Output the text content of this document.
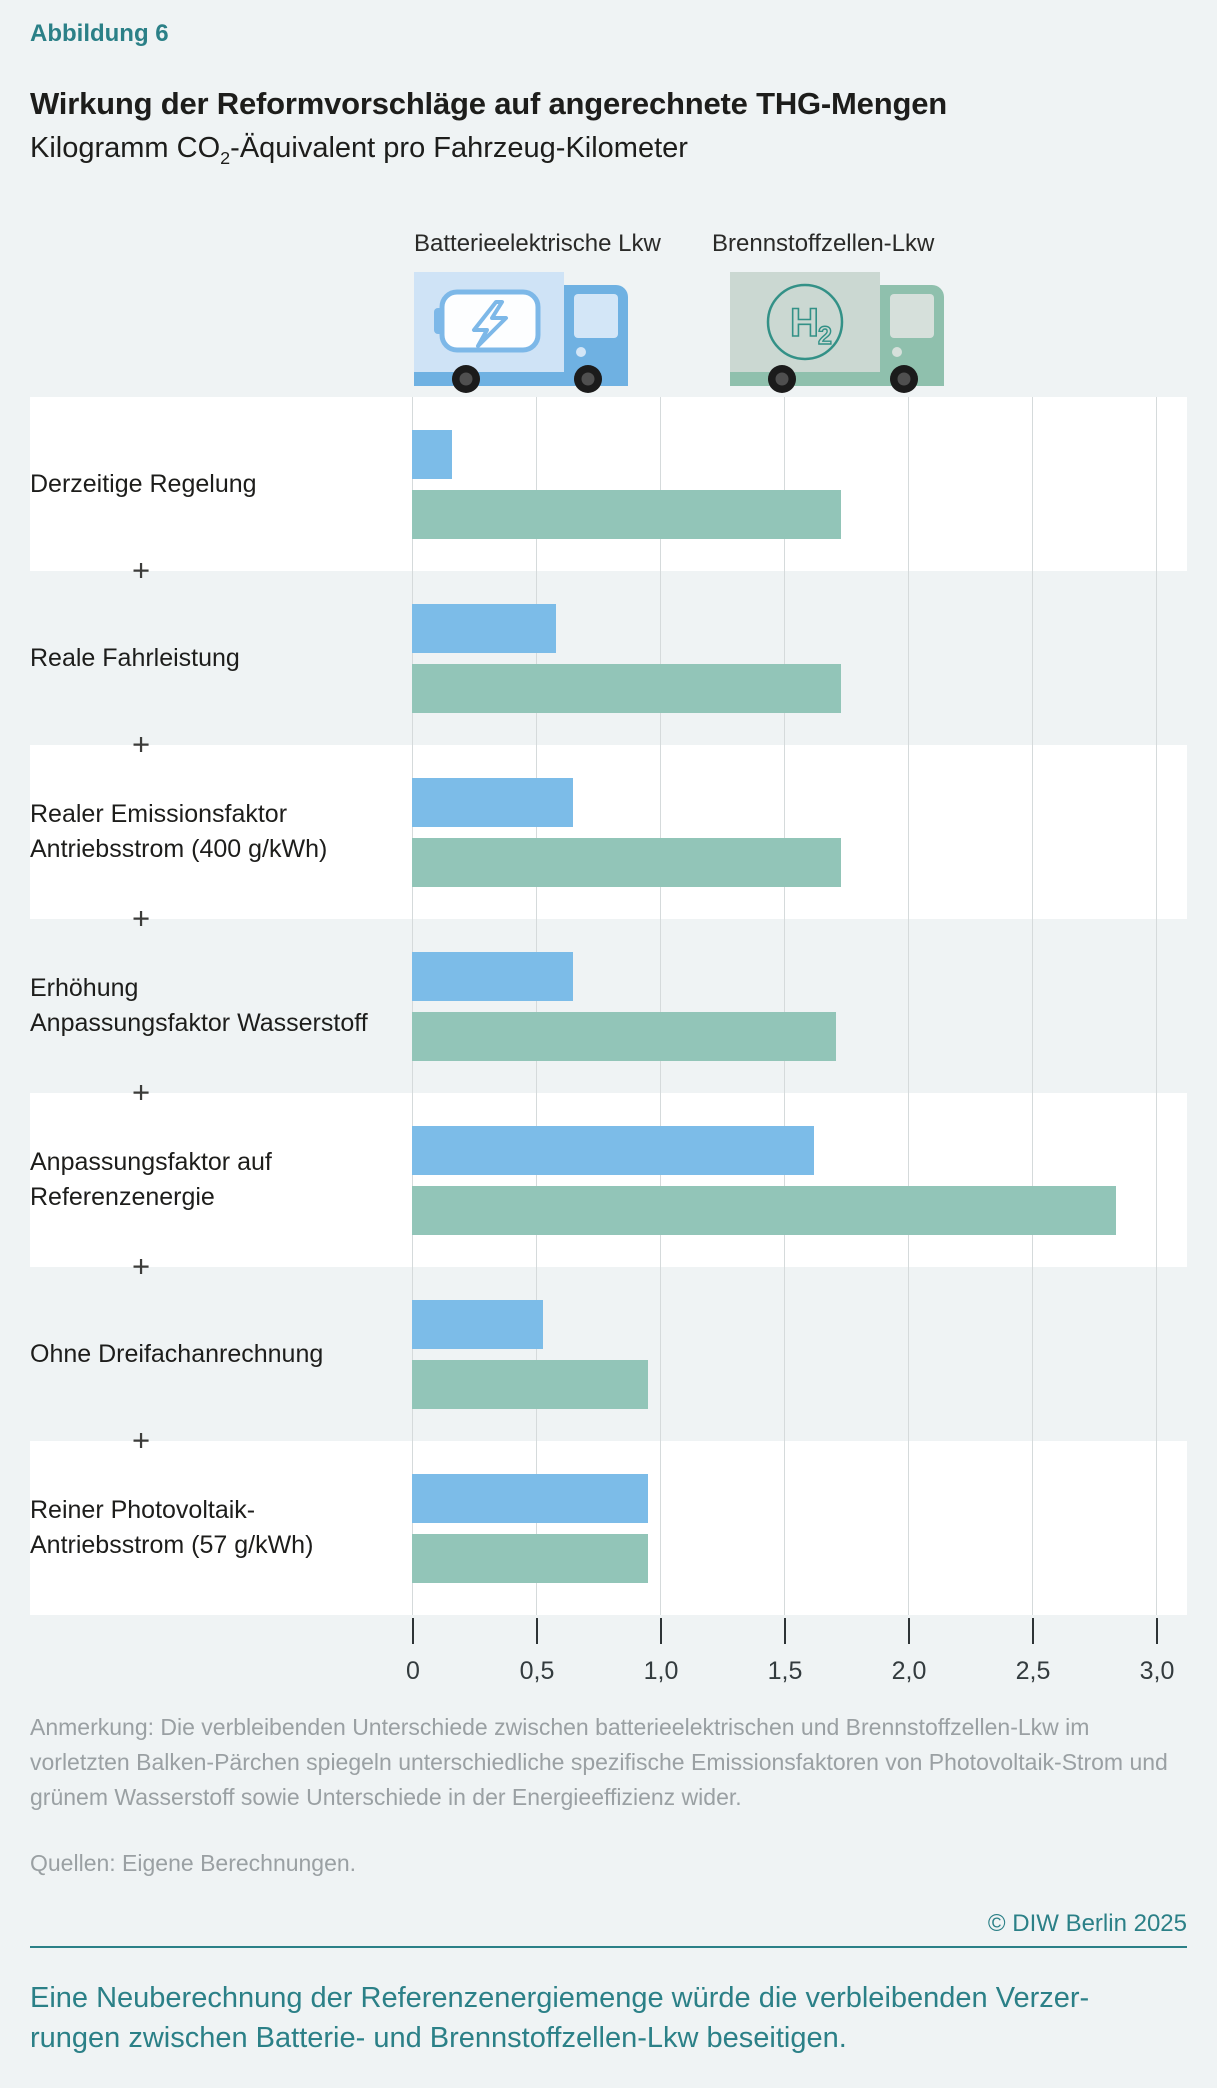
Abbildung 6
Wirkung der Reformvorschläge auf angerechnete THG-Mengen
Kilogramm $CO_2$-Äquivalent pro Fahrzeug-Kilometer
Batterieelektrische Lkw Brennstoffzellen-Lkw
H 2
Derzeitige Regelung
+
Reale Fahrleistung
+
Realer Emissionsfaktor
Antriebsstrom (400 g/kWh)
+
Erhöhung
Anpassungsfaktor Wasserstoff
+
Anpassungsfaktor auf
Referenzenergie
+
Ohne Dreifachanrechnung
+
Reiner Photovoltaik-
Antriebsstrom (57 g/kWh)
0	0,5	1,0	1,5	2,0	2,5	3,0
Anmerkung: Die verbleibenden Unterschiede zwischen batterieelektrischen und Brennstoffzellen-Lkw im vorletzten Balken-Pärchen spiegeln unterschiedliche spezifische Emissionsfaktoren von Photovoltaik-Strom und grünem Wasserstoff sowie Unterschiede in der Energieeffizienz wider.
Quellen: Eigene Berechnungen.
© DIW Berlin 2025
Eine Neuberechnung der Referenzenergiemenge würde die verbleibenden Verzer-
rungen zwischen Batterie- und Brennstoffzellen-Lkw beseitigen.
